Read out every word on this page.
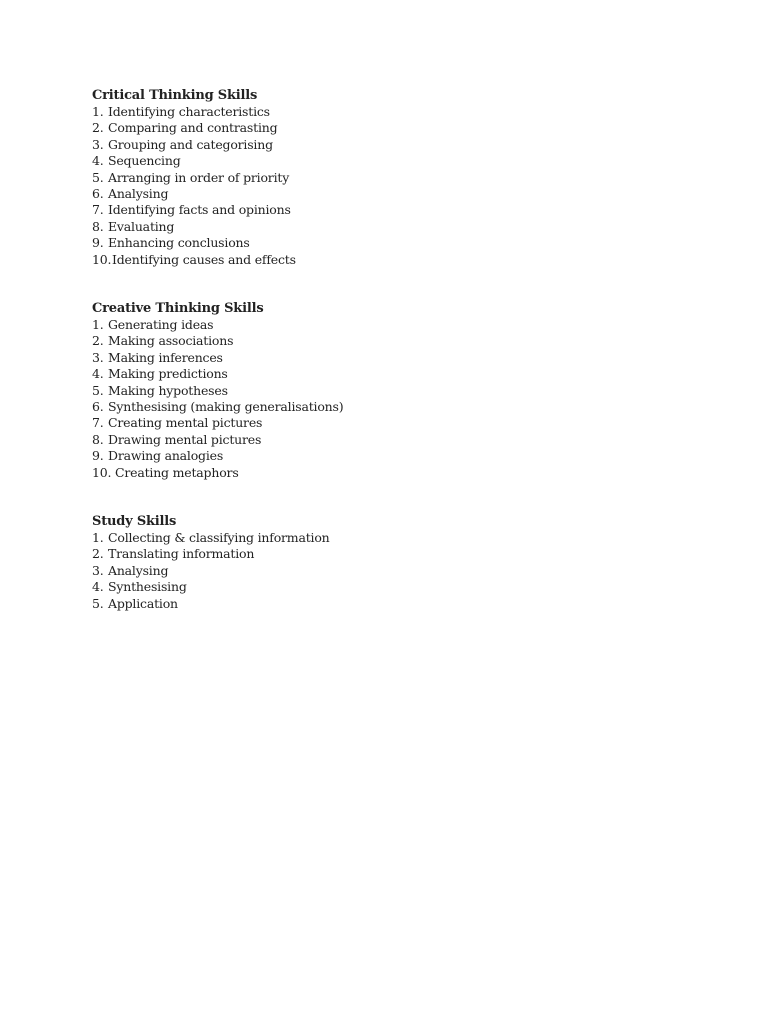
Critical Thinking Skills
1. Identifying characteristics
2. Comparing and contrasting
3. Grouping and categorising
4. Sequencing
5. Arranging in order of priority
6. Analysing
7. Identifying facts and opinions
8. Evaluating
9. Enhancing conclusions
10.Identifying causes and effects
Creative Thinking Skills
1. Generating ideas
2. Making associations
3. Making inferences
4. Making predictions
5. Making hypotheses
6. Synthesising (making generalisations)
7. Creating mental pictures
8. Drawing mental pictures
9. Drawing analogies
10. Creating metaphors
Study Skills
1. Collecting & classifying information
2. Translating information
3. Analysing
4. Synthesising
5. Application
